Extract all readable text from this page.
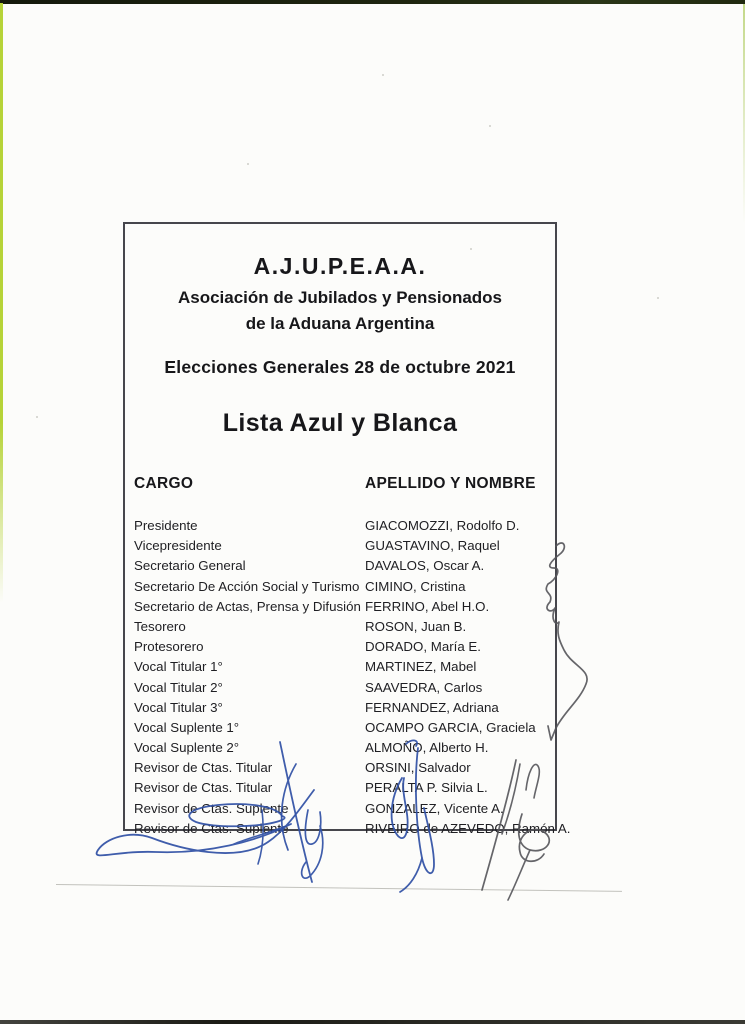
A.J.U.P.E.A.A.
Asociación de Jubilados y Pensionados
de la Aduana Argentina
Elecciones Generales 28 de octubre 2021
Lista Azul y Blanca
CARGO	APELLIDO Y NOMBRE
Presidente	GIACOMOZZI, Rodolfo D.
Vicepresidente	GUASTAVINO, Raquel
Secretario General	DAVALOS, Oscar A.
Secretario De Acción Social y Turismo CIMINO, Cristina
Secretario de Actas, Prensa y Difusión FERRINO, Abel H.O.
Tesorero	ROSON, Juan B.
Protesorero	DORADO, María E.
Vocal Titular 1°	MARTINEZ, Mabel
Vocal Titular 2°	SAAVEDRA, Carlos
Vocal Titular 3°	FERNANDEZ, Adriana
Vocal Suplente 1°	OCAMPO GARCIA, Graciela
Vocal Suplente 2°	ALMOÑO, Alberto H.
Revisor de Ctas. Titular	ORSINI, Salvador
Revisor de Ctas. Titular	PERALTA P. Silvia L.
Revisor de Ctas. Suplente	GONZALEZ, Vicente A.
Revisor de Ctas. Suplente	RIVEIRO de AZEVEDO, Ramón A.
